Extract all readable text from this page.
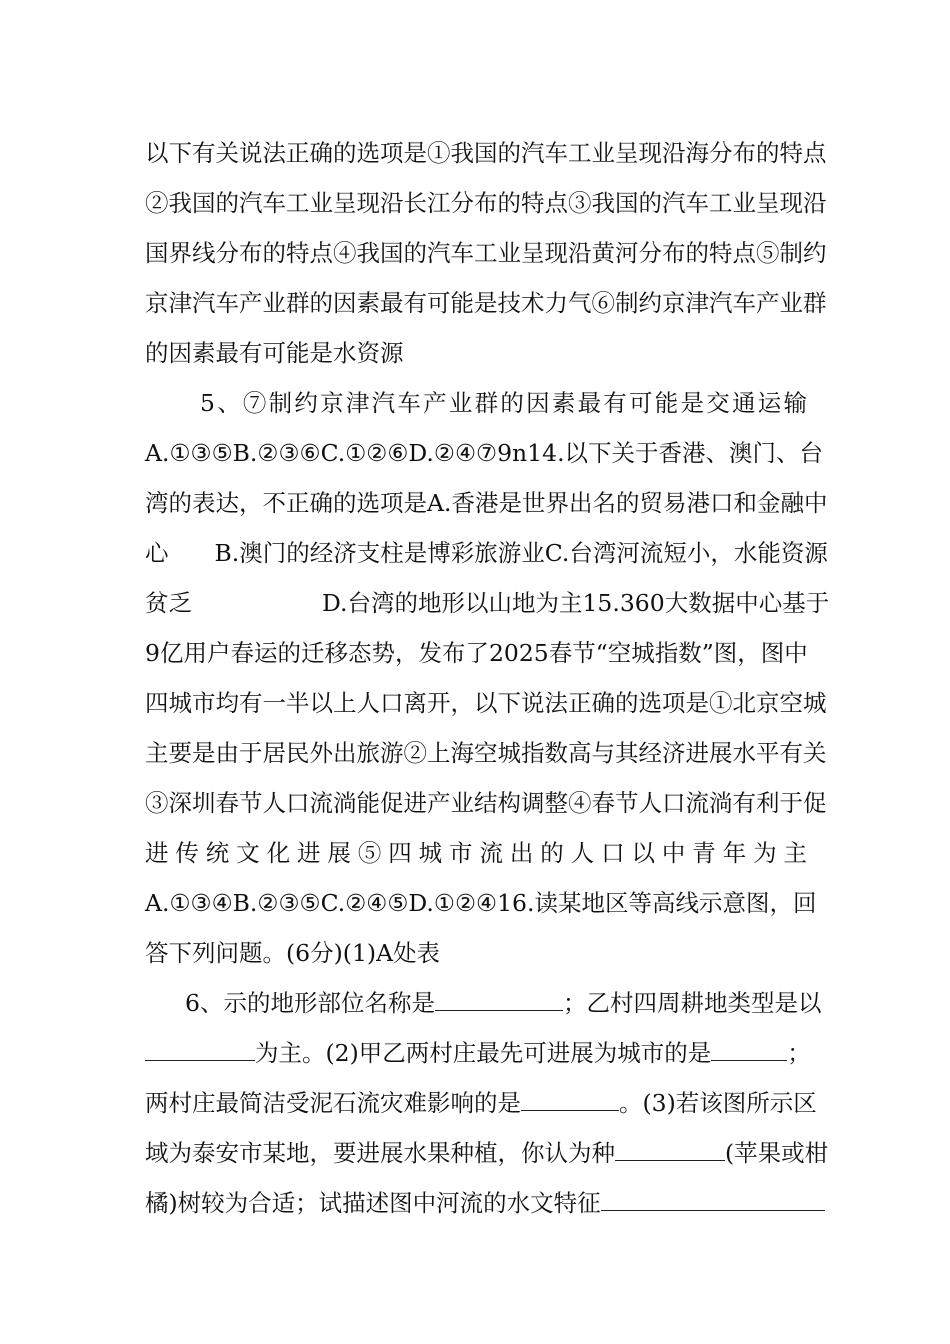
以下有关说法正确的选项是①我国的汽车工业呈现沿海分布的特点
②我国的汽车工业呈现沿长江分布的特点③我国的汽车工业呈现沿
国界线分布的特点④我国的汽车工业呈现沿黄河分布的特点⑤制约
京津汽车产业群的因素最有可能是技术力气⑥制约京津汽车产业群
的因素最有可能是水资源
5、⑦制约京津汽车产业群的因素最有可能是交通运输
A.①③⑤B.②③⑥C.①②⑥D.②④⑦9n14.以下关于香港、澳门、台
湾的表达，不正确的选项是A.香港是世界出名的贸易港口和金融中
心 B.澳门的经济支柱是博彩旅游业C.台湾河流短小，水能资源
贫乏	D.台湾的地形以山地为主15.360大数据中心基于
9亿用户春运的迁移态势，发布了2025春节“空城指数”图，图中
四城市均有一半以上人口离开，以下说法正确的选项是①北京空城
主要是由于居民外出旅游②上海空城指数高与其经济进展水平有关
③深圳春节人口流淌能促进产业结构调整④春节人口流淌有利于促
进传统文化进展⑤四城市流出的人口以中青年为主
A.①③④B.②③⑤C.②④⑤D.①②④16.读某地区等高线示意图，回
答下列问题。(6分)(1)A处表
6、示的地形部位名称是	；乙村四周耕地类型是以
为主。(2)甲乙两村庄最先可进展为城市的是	；
两村庄最简洁受泥石流灾难影响的是	。(3)若该图所示区
域为泰安市某地，要进展水果种植，你认为种	(苹果或柑
橘)树较为合适；试描述图中河流的水文特征
